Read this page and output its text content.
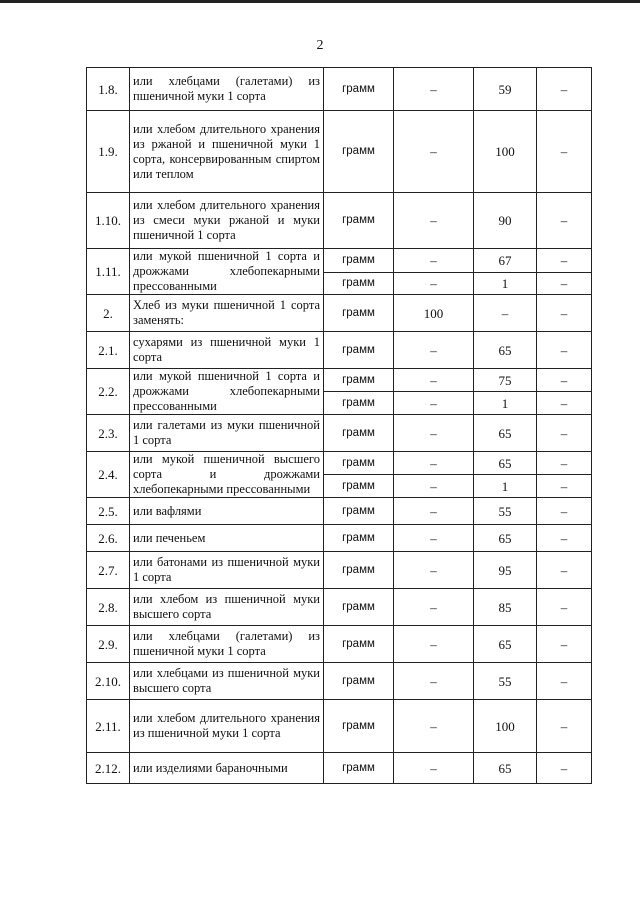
2
1.8.	или хлебцами (галетами) из пшеничной муки 1 сорта	грамм	–	59	–
1.9.	или хлебом длительного хранения из ржаной и пшеничной муки 1 сорта, консервированным спиртом или теплом	грамм	–	100	–
1.10.	или хлебом длительного хранения из смеси муки ржаной и муки пшеничной 1 сорта	грамм	–	90	–
1.11.	или мукой пшеничной 1 сорта и дрожжами хлебопекарными прессованными	грамм	–	67	–
		грамм	–	1	–
2.	Хлеб из муки пшеничной 1 сорта заменять:	грамм	100	–	–
2.1.	сухарями из пшеничной муки 1 сорта	грамм	–	65	–
2.2.	или мукой пшеничной 1 сорта и дрожжами хлебопекарными прессованными	грамм	–	75	–
		грамм	–	1	–
2.3.	или галетами из муки пшеничной 1 сорта	грамм	–	65	–
2.4.	или мукой пшеничной высшего сорта и дрожжами хлебопекарными прессованными	грамм	–	65	–
		грамм	–	1	–
2.5.	или вафлями	грамм	–	55	–
2.6.	или печеньем	грамм	–	65	–
2.7.	или батонами из пшеничной муки 1 сорта	грамм	–	95	–
2.8.	или хлебом из пшеничной муки высшего сорта	грамм	–	85	–
2.9.	или хлебцами (галетами) из пшеничной муки 1 сорта	грамм	–	65	–
2.10.	или хлебцами из пшеничной муки высшего сорта	грамм	–	55	–
2.11.	или хлебом длительного хранения из пшеничной муки 1 сорта	грамм	–	100	–
2.12.	или изделиями бараночными	грамм	–	65	–
